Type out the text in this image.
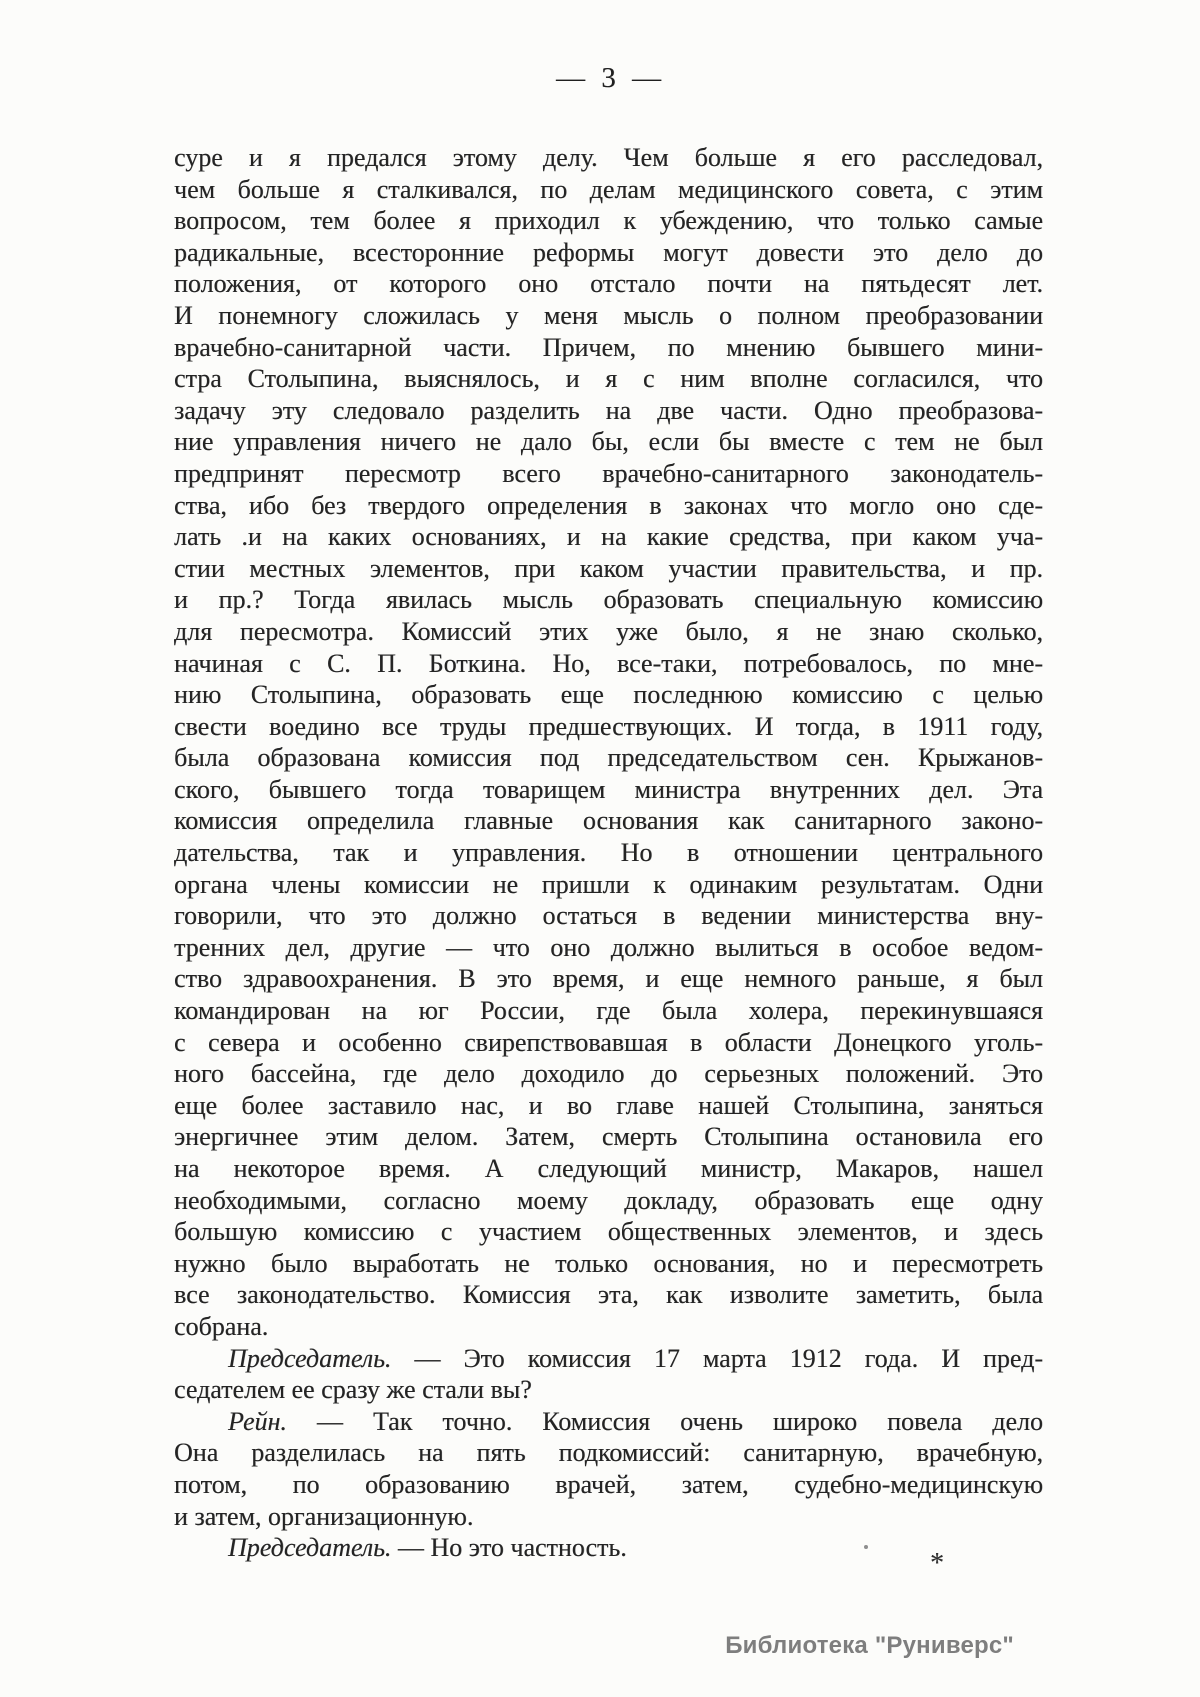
— 3 —
суре и я предался этому делу. Чем больше я его расследовал,
чем больше я сталкивался, по делам медицинского совета, с этим
вопросом, тем более я приходил к убеждению, что только самые
радикальные, всесторонние реформы могут довести это дело до
положения, от которого оно отстало почти на пятьдесят лет.
И понемногу сложилась у меня мысль о полном преобразовании
врачебно-санитарной части. Причем, по мнению бывшего мини-
стра Столыпина, выяснялось, и я с ним вполне согласился, что
задачу эту следовало разделить на две части. Одно преобразова-
ние управления ничего не дало бы, если бы вместе с тем не был
предпринят пересмотр всего врачебно-санитарного законодатель-
ства, ибо без твердого определения в законах что могло оно сде-
лать .и на каких основаниях, и на какие средства, при каком уча-
стии местных элементов, при каком участии правительства, и пр.
и пр.? Тогда явилась мысль образовать специальную комиссию
для пересмотра. Комиссий этих уже было, я не знаю сколько,
начиная с С. П. Боткина. Но, все-таки, потребовалось, по мне-
нию Столыпина, образовать еще последнюю комиссию с целью
свести воедино все труды предшествующих. И тогда, в 1911 году,
была образована комиссия под председательством сен. Крыжанов-
ского, бывшего тогда товарищем министра внутренних дел. Эта
комиссия определила главные основания как санитарного законо-
дательства, так и управления. Но в отношении центрального
органа члены комиссии не пришли к одинаким результатам. Одни
говорили, что это должно остаться в ведении министерства вну-
тренних дел, другие — что оно должно вылиться в особое ведом-
ство здравоохранения. В это время, и еще немного раньше, я был
командирован на юг России, где была холера, перекинувшаяся
с севера и особенно свирепствовавшая в области Донецкого уголь-
ного бассейна, где дело доходило до серьезных положений. Это
еще более заставило нас, и во главе нашей Столыпина, заняться
энергичнее этим делом. Затем, смерть Столыпина остановила его
на некоторое время. А следующий министр, Макаров, нашел
необходимыми, согласно моему докладу, образовать еще одну
большую комиссию с участием общественных элементов, и здесь
нужно было выработать не только основания, но и пересмотреть
все законодательство. Комиссия эта, как изволите заметить, была
собрана.
Председатель. — Это комиссия 17 марта 1912 года. И пред-
седателем ее сразу же стали вы?
Рейн. — Так точно. Комиссия очень широко повела дело
Она разделилась на пять подкомиссий: санитарную, врачебную,
потом, по образованию врачей, затем, судебно-медицинскую
и затем, организационную.
Председатель. — Но это частность.
*
Библиотека "Руниверс"
